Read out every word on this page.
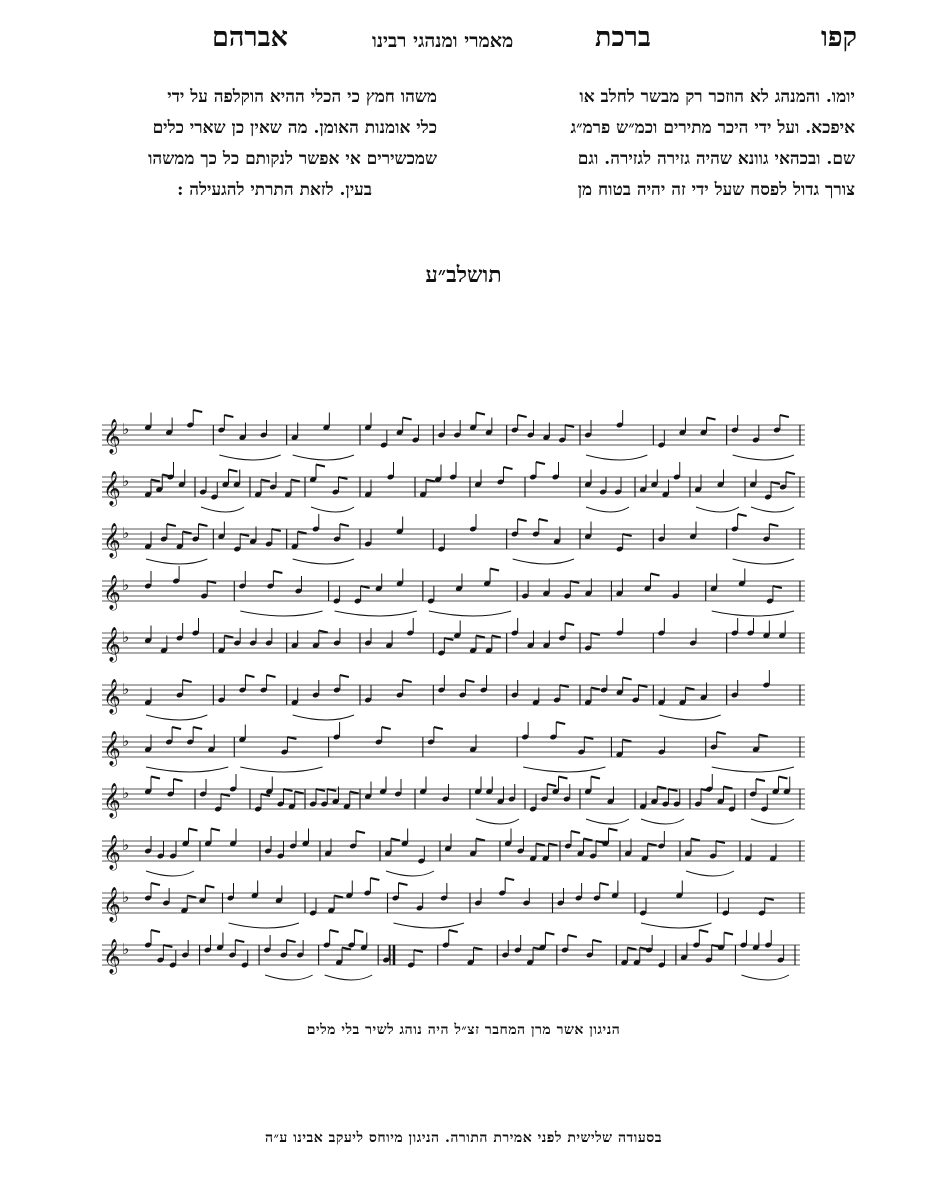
קפו
ברכת
מאמרי ומנהגי רבינו
אברהם
יומו. והמנהג לא הוזכר רק מבשר לחלב או
איפכא. ועל ידי היכר מתירים וכמ״ש פרמ״ג
שם. ובכהאי גוונא שהיה גזירה לגזירה. וגם
צורך גדול לפסח שעל ידי זה יהיה בטוח מן
משהו חמץ כי הכלי ההיא הוקלפה על ידי
כלי אומנות האומן. מה שאין כן שארי כלים
שמכשירים אי אפשר לנקותם כל כך ממשהו
בעין. לזאת התרתי להגעילה :
תושלב״ע
𝄞 ♭
𝄞 ♭
𝄞 ♭
𝄞 ♭
𝄞 ♭
𝄞 ♭
𝄞 ♭
𝄞 ♭
𝄞 ♭
𝄞 ♭
𝄞 ♭
הניגון אשר מרן המחבר זצ״ל היה נוהג לשיר בלי מלים
בסעודה שלישית לפני אמירת התורה. הניגון מיוחס ליעקב אבינו ע״ה
